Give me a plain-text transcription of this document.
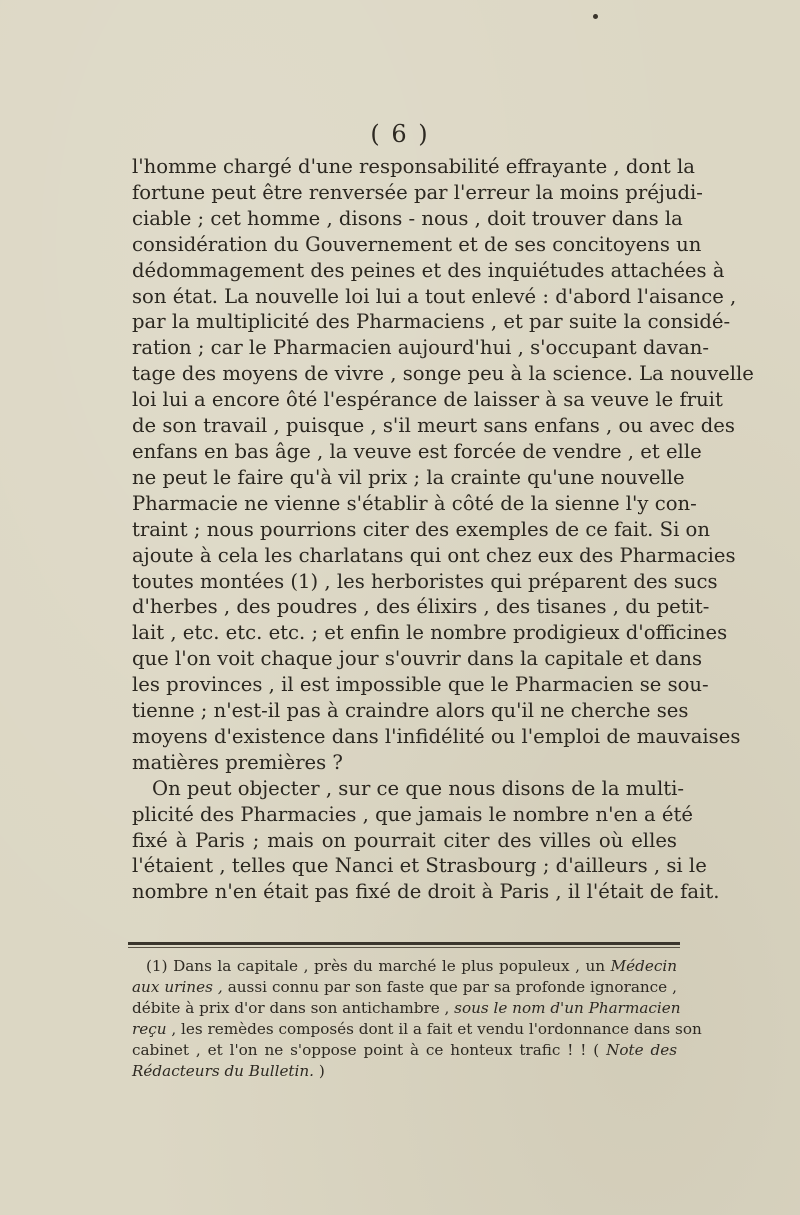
( 6 )
l'homme chargé d'une responsabilité effrayante , dont la
fortune peut être renversée par l'erreur la moins préjudi-
ciable ; cet homme , disons - nous , doit trouver dans la
considération du Gouvernement et de ses concitoyens un
dédommagement des peines et des inquiétudes attachées à
son état. La nouvelle loi lui a tout enlevé : d'abord l'aisance ,
par la multiplicité des Pharmaciens , et par suite la considé-
ration ; car le Pharmacien aujourd'hui , s'occupant davan-
tage des moyens de vivre , songe peu à la science. La nouvelle
loi lui a encore ôté l'espérance de laisser à sa veuve le fruit
de son travail , puisque , s'il meurt sans enfans , ou avec des
enfans en bas âge , la veuve est forcée de vendre , et elle
ne peut le faire qu'à vil prix ; la crainte qu'une nouvelle
Pharmacie ne vienne s'établir à côté de la sienne l'y con-
traint ; nous pourrions citer des exemples de ce fait. Si on
ajoute à cela les charlatans qui ont chez eux des Pharmacies
toutes montées (1) , les herboristes qui préparent des sucs
d'herbes , des poudres , des élixirs , des tisanes , du petit-
lait , etc. etc. etc. ; et enfin le nombre prodigieux d'officines
que l'on voit chaque jour s'ouvrir dans la capitale et dans
les provinces , il est impossible que le Pharmacien se sou-
tienne ; n'est-il pas à craindre alors qu'il ne cherche ses
moyens d'existence dans l'infidélité ou l'emploi de mauvaises
matières premières ?
On peut objecter , sur ce que nous disons de la multi-
plicité des Pharmacies , que jamais le nombre n'en a été
fixé à Paris ; mais on pourrait citer des villes où elles
l'étaient , telles que Nanci et Strasbourg ; d'ailleurs , si le
nombre n'en était pas fixé de droit à Paris , il l'était de fait.
(1) Dans la capitale , près du marché le plus populeux , un Médecin
aux urines , aussi connu par son faste que par sa profonde ignorance ,
débite à prix d'or dans son antichambre , sous le nom d'un Pharmacien
reçu , les remèdes composés dont il a fait et vendu l'ordonnance dans son
cabinet , et l'on ne s'oppose point à ce honteux trafic ! ! ( Note des
Rédacteurs du Bulletin. )
